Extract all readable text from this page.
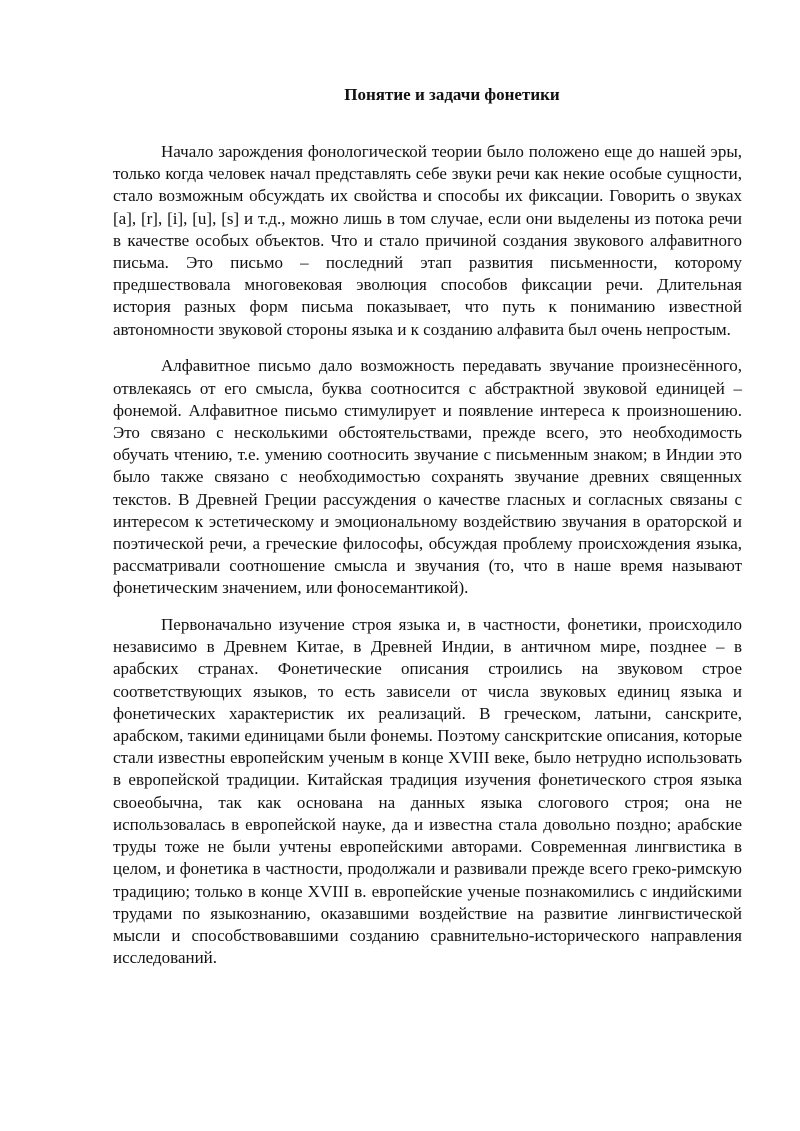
Понятие и задачи фонетики

Начало зарождения фонологической теории было положено еще до нашей эры, только когда человек начал представлять себе звуки речи как некие особые сущности, стало возможным обсуждать их свойства и способы их фиксации. Говорить о звуках [a], [r], [i], [u], [s] и т.д., можно лишь в том случае, если они выделены из потока речи в качестве особых объектов. Что и стало причиной создания звукового алфавитного письма. Это письмо – последний этап развития письменности, которому предшествовала многовековая эволюция способов фиксации речи. Длительная история разных форм письма показывает, что путь к пониманию известной автономности звуковой стороны языка и к созданию алфавита был очень непростым.

Алфавитное письмо дало возможность передавать звучание произнесённого, отвлекаясь от его смысла, буква соотносится с абстрактной звуковой единицей – фонемой. Алфавитное письмо стимулирует и появление интереса к произношению. Это связано с несколькими обстоятельствами, прежде всего, это необходимость обучать чтению, т.е. умению соотносить звучание с письменным знаком; в Индии это было также связано с необходимостью сохранять звучание древних священных текстов. В Древней Греции рассуждения о качестве гласных и согласных связаны с интересом к эстетическому и эмоциональному воздействию звучания в ораторской и поэтической речи, а греческие философы, обсуждая проблему происхождения языка, рассматривали соотношение смысла и звучания (то, что в наше время называют фонетическим значением, или фоносемантикой).

Первоначально изучение строя языка и, в частности, фонетики, происходило независимо в Древнем Китае, в Древней Индии, в античном мире, позднее – в арабских странах. Фонетические описания строились на звуковом строе соответствующих языков, то есть зависели от числа звуковых единиц языка и фонетических характеристик их реализаций. В греческом, латыни, санскрите, арабском, такими единицами были фонемы. Поэтому санскритские описания, которые стали известны европейским ученым в конце XVIII веке, было нетрудно использовать в европейской традиции. Китайская традиция изучения фонетического строя языка своеобычна, так как основана на данных языка слогового строя; она не использовалась в европейской науке, да и известна стала довольно поздно; арабские труды тоже не были учтены европейскими авторами. Современная лингвистика в целом, и фонетика в частности, продолжали и развивали прежде всего греко-римскую традицию; только в конце XVIII в. европейские ученые познакомились с индийскими трудами по языкознанию, оказавшими воздействие на развитие лингвистической мысли и способствовавшими созданию сравнительно-исторического направления исследований.
